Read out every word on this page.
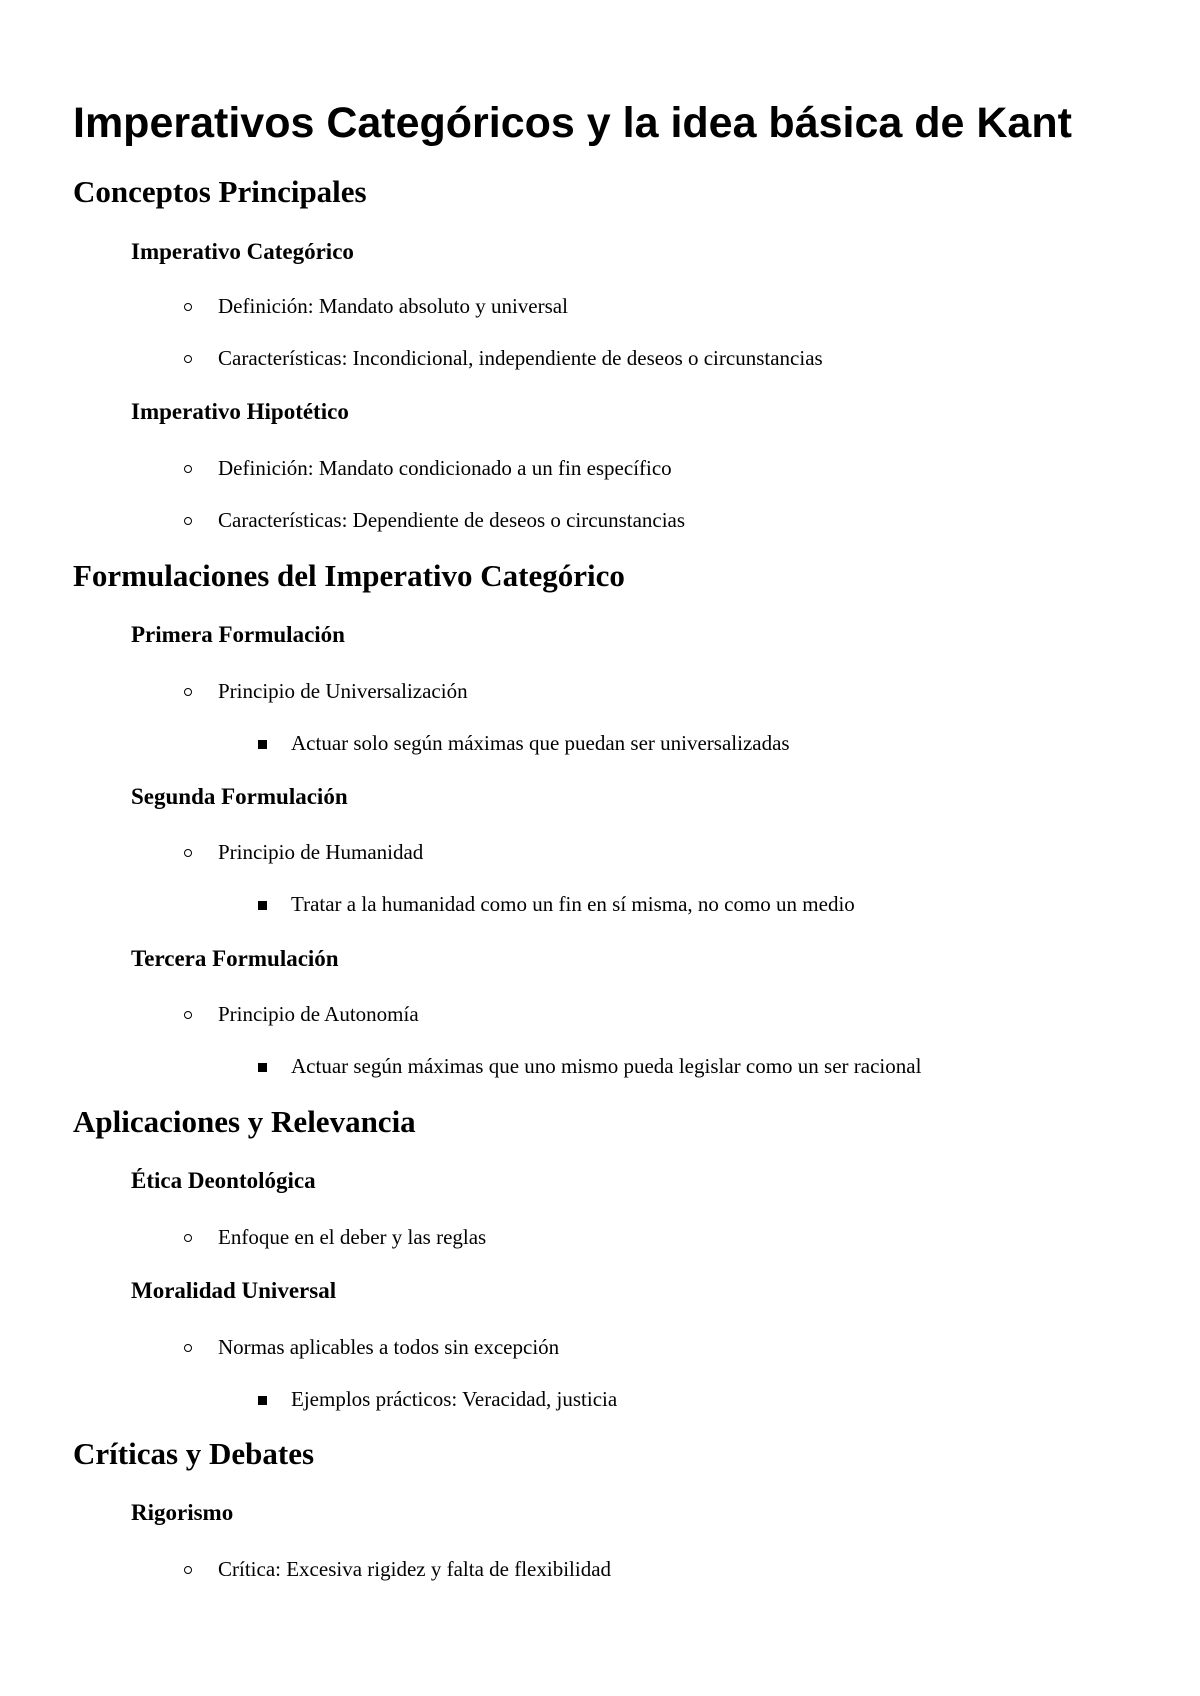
Imperativos Categóricos y la idea básica de Kant
Conceptos Principales
Imperativo Categórico
Definición: Mandato absoluto y universal
Características: Incondicional, independiente de deseos o circunstancias
Imperativo Hipotético
Definición: Mandato condicionado a un fin específico
Características: Dependiente de deseos o circunstancias
Formulaciones del Imperativo Categórico
Primera Formulación
Principio de Universalización
Actuar solo según máximas que puedan ser universalizadas
Segunda Formulación
Principio de Humanidad
Tratar a la humanidad como un fin en sí misma, no como un medio
Tercera Formulación
Principio de Autonomía
Actuar según máximas que uno mismo pueda legislar como un ser racional
Aplicaciones y Relevancia
Ética Deontológica
Enfoque en el deber y las reglas
Moralidad Universal
Normas aplicables a todos sin excepción
Ejemplos prácticos: Veracidad, justicia
Críticas y Debates
Rigorismo
Crítica: Excesiva rigidez y falta de flexibilidad
